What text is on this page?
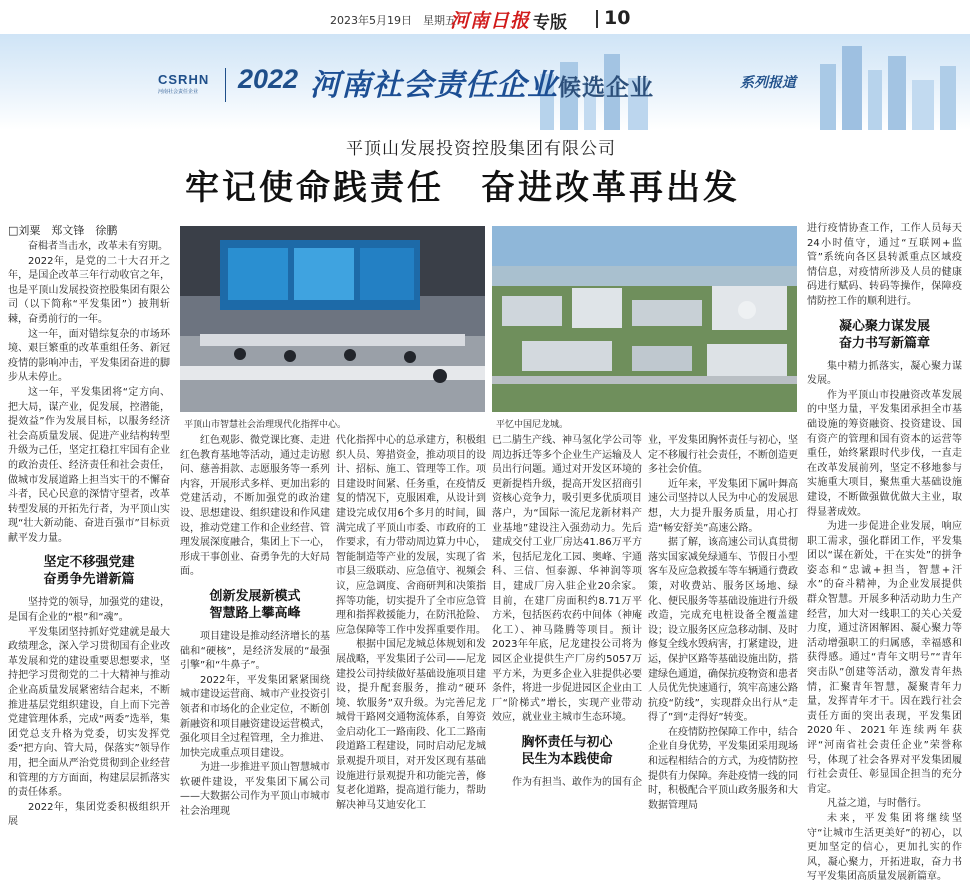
2023年5月19日　星期五
河南日报 专版 10
CSRHN
河南社会责任企业	2022 河南社会责任企业候选企业	系列报道
平顶山发展投资控股集团有限公司
牢记使命践责任　奋进改革再出发
□刘粟　郑文锋　徐鹏

奋楫者当击水，改革未有穷期。

2022年，是党的二十大召开之年，是国企改革三年行动收官之年，也是平顶山发展投资控股集团有限公司（以下简称“平发集团”）披荆斩棘，奋勇前行的一年。

这一年，面对错综复杂的市场环境、艰巨繁重的改革重组任务、新冠疫情的影响冲击，平发集团奋进的脚步从未停止。

这一年，平发集团将“定方向、把大局，谋产业，促发展，控潜能，提效益”作为发展目标，以服务经济社会高质量发展、促进产业结构转型升级为己任，坚定扛稳扛牢国有企业的政治责任、经济责任和社会责任，做城市发展道路上担当实干的不懈奋斗者，民心民意的深情守望者，改革转型发展的开拓先行者，为平顶山实现“壮大新动能、奋进百强市”目标贡献平发力量。

坚定不移强党建
奋勇争先谱新篇

坚持党的领导，加强党的建设，是国有企业的“根”和“魂”。

平发集团坚持抓好党建就是最大政绩理念，深入学习贯彻国有企业改革发展和党的建设重要思想要求，坚持把学习贯彻党的二十大精神与推动企业高质量发展紧密结合起来，不断推进基层党组织建设，自上而下完善党建管理体系，完成“两委”选举，集团党总支升格为党委，切实发挥党委“把方向、管大局，保落实”领导作用，把全面从严治党贯彻到企业经营和管理的方方面面，构建层层抓落实的责任体系。

2022年，集团党委积极组织开展

平顶山市智慧社会治理现代化指挥中心。	平忆中国尼龙城。

红色观影、微党课比赛、走进红色教育基地等活动，通过走访慰问、慈善捐款、志愿服务等一系列内容，开展形式多样、更加出彩的党建活动，不断加强党的政治建设、思想建设、组织建设和作风建设，推动党建工作和企业经营、管理发展深度融合，集团上下一心，形成干事创业、奋勇争先的大好局面。

创新发展新模式
智慧路上攀高峰

项目建设是推动经济增长的基础和“硬核”，是经济发展的“最强引擎”和“牛鼻子”。

2022年，平发集团紧紧围绕城市建设运营商、城市产业投资引领者和市场化的企业定位，不断创新融资和项目融资建设运营模式，强化项目全过程管理，全力推进、加快完成重点项目建设。

为进一步推进平顶山智慧城市软硬件建设，平发集团下属公司——大数据公司作为平顶山市城市社会治理现

代化指挥中心的总承建方，积极组织人员、筹措资金，推动项目的设计、招标、施工、管理等工作。项目建设时间紧、任务重，在疫情反复的情况下，克服困难，从设计到建设完成仅用6个多月的时间，圆满完成了平顶山市委、市政府的工作要求，有力带动周边算力中心，智能制造等产业的发展，实现了省市县三级联动、应急值守、视频会议，应急调度、舍商研判和决策指挥等功能，切实提升了全市应急管理和指挥救援能力，在防汛抢险、应急保障等工作中发挥重要作用。

根据中国尼龙城总体规划和发展战略，平发集团子公司——尼龙建投公司持续做好基础设施项目建设，提升配套服务，推动“硬环境、软服务”双升级。为完善尼龙城骨干路网交通物流体系，自筹资金启动化工一路南段、化工二路南段道路工程建设，同时启动尼龙城景观提升项目，对开发区现有基础设施进行景观提升和功能完善，修复老化道路，提高道行能力，帮助解决神马艾迪安化工

已二腈生产线、神马氢化学公司等周边拆迁等多个企业生产运输及人员出行问题。通过对开发区环境的更新提档升级，提高开发区招商引资核心竞争力，吸引更多优质项目落户，为“国际一流尼龙新材料产业基地”建设注入强劲动力。先后建成交付工业厂房达41.86万平方米，包括尼龙化工园、奥峰、宇通科、三信、恒泰源、华神润等项目，建成厂房入驻企业20余家。目前，在建厂房面积约8.71万平方米，包括医药农药中间体（神庵化工）、神马隆腾等项目。预计2023年年底，尼龙建投公司将为园区企业提供生产厂房约5057万平方米，为更多企业入驻提供必要条件，将进一步促进园区企业由工厂“阶梯式”增长，实现产业带动效应，就业业主城市生态环境。

胸怀责任与初心
民生为本践使命

作为有担当、敢作为的国有企

业，平发集团胸怀责任与初心，坚定不移履行社会责任，不断创造更多社会价值。

近年来，平发集团下属叶舞高速公司坚持以人民为中心的发展思想，大力提升服务质量，用心打造“畅安舒美”高速公路。

据了解，该高速公司认真贯彻落实国家减免绿通车、节假日小型客车及应急救援车等车辆通行费政策，对收费站、服务区场地、绿化、便民服务等基础设施进行升级改造，完成充电桩设备全覆盖建设；设立服务区应急移动制、及时修复全线水毁病害，打紧建设，进运，保护区路等基础设施出防，搭建绿色通道，确保抗疫物资和患者人员优先快速通行，筑牢高速公路抗疫“防线”，实现群众出行从“走得了”到“走得好”转变。

在疫情防控保障工作中，结合企业自身优势，平发集团采用现场和远程相结合的方式，为疫情防控提供有力保障。奔赴疫情一线的同时，积极配合平顶山政务服务和大数据管理局

进行疫情协查工作，工作人员每天24小时值守，通过“互联网+监管”系统向各区县转派重点区域疫情信息，对疫情所涉及人员的健康码进行赋码、转码等操作，保障疫情防控工作的顺利进行。

凝心聚力谋发展
奋力书写新篇章

集中精力抓落实，凝心聚力谋发展。

作为平顶山市投融资改革发展的中坚力量，平发集团承担全市基础设施的筹资融资、投资建设、国有资产的管理和国有资本的运营等重任，始终紧跟时代步伐，一直走在改革发展前列，坚定不移地参与实施重大项目，聚焦重大基础设施建设，不断做强做优做大主业，取得显著成效。

为进一步促进企业发展，响应职工需求，强化群团工作，平发集团以“谋在新处，干在实处”的拼争姿态和“忠诚+担当，智慧+汗水”的奋斗精神，为企业发展提供群众智慧。开展多种活动助力生产经营，加大对一线职工的关心关爱力度，通过济困解困、凝心聚力等活动增强职工的归属感，幸福感和获得感。通过“青年文明号”“青年突击队”创建等活动，激发青年热情，汇聚青年智慧，凝聚青年力量，发挥青年才干。因在践行社会责任方面的突出表现，平发集团2020年、2021年连续两年获评“河南省社会责任企业”荣誉称号，体现了社会各界对平发集团履行社会责任、彰显国企担当的充分肯定。

凡益之道，与时偕行。

未来，平发集团将继续坚守“让城市生活更美好”的初心，以更加坚定的信心，更加扎实的作风，凝心聚力，开拓进取，奋力书写平发集团高质量发展新篇章。
